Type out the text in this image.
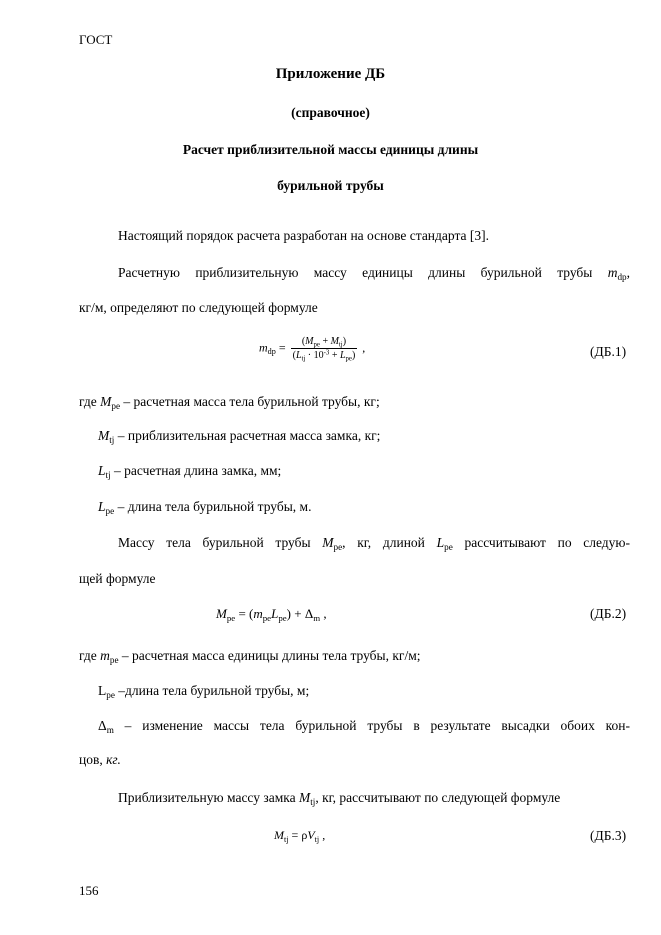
ГОСТ
Приложение ДБ
(справочное)
Расчет приблизительной массы единицы длины
бурильной трубы
Настоящий порядок расчета разработан на основе стандарта [3].
Расчетную приблизительную массу единицы длины бурильной трубы $m_{dp}$,
кг/м, определяют по следующей формуле
$m_{dp} = \frac{(M_{pe} + M_{tj})}{(L_{tj} \cdot 10^{-3} + L_{pe})}$ ,	(ДБ.1)
где $M_{pe}$ – расчетная масса тела бурильной трубы, кг;
$M_{tj}$ – приблизительная расчетная масса замка, кг;
$L_{tj}$ – расчетная длина замка, мм;
$L_{pe}$ – длина тела бурильной трубы, м.
Массу тела бурильной трубы $M_{pe}$, кг, длиной $L_{pe}$ рассчитывают по следую-
щей формуле
$M_{pe} = (m_{pe}L_{pe}) + \Delta_m$ ,	(ДБ.2)
где $m_{pe}$ – расчетная масса единицы длины тела трубы, кг/м;
$L_{pe}$ –длина тела бурильной трубы, м;
$\Delta_m$ – изменение массы тела бурильной трубы в результате высадки обоих кон-
цов, кг.
Приблизительную массу замка $M_{tj}$, кг, рассчитывают по следующей формуле
$M_{tj} = \rho V_{tj}$ ,	(ДБ.3)
156
